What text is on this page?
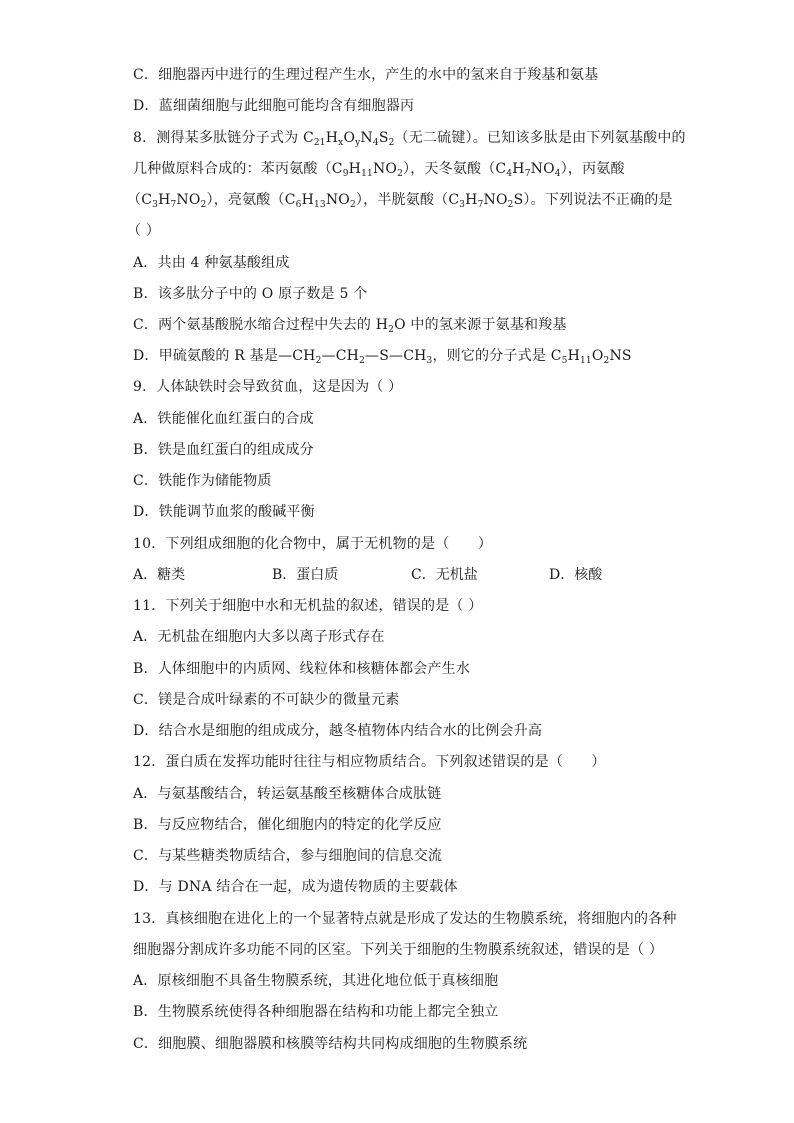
C．细胞器丙中进行的生理过程产生水，产生的水中的氢来自于羧基和氨基
D．蓝细菌细胞与此细胞可能均含有细胞器丙
8．测得某多肽链分子式为 $C_{21}H_xO_yN_4S_2$（无二硫键）。已知该多肽是由下列氨基酸中的
几种做原料合成的：苯丙氨酸$(C_9H_{11}NO_2)$，天冬氨酸$(C_4H_7NO_4)$，丙氨酸
$(C_3H_7NO_2)$，亮氨酸$(C_6H_{13}NO_2)$，半胱氨酸$(C_3H_7NO_2S)$。下列说法不正确的是
（ ）
A．共由 4 种氨基酸组成
B．该多肽分子中的 O 原子数是 5 个
C．两个氨基酸脱水缩合过程中失去的 $H_2O$ 中的氢来源于氨基和羧基
D．甲硫氨酸的 R 基是$—CH_2—CH_2—S—CH_3$，则它的分子式是 $C_5H_{11}O_2NS$
9．人体缺铁时会导致贫血，这是因为（ ）
A．铁能催化血红蛋白的合成
B．铁是血红蛋白的组成成分
C．铁能作为储能物质
D．铁能调节血浆的酸碱平衡
10．下列组成细胞的化合物中，属于无机物的是（　　）
A．糖类	B．蛋白质	C．无机盐	D．核酸
11．下列关于细胞中水和无机盐的叙述，错误的是（ ）
A．无机盐在细胞内大多以离子形式存在
B．人体细胞中的内质网、线粒体和核糖体都会产生水
C．镁是合成叶绿素的不可缺少的微量元素
D．结合水是细胞的组成成分，越冬植物体内结合水的比例会升高
12．蛋白质在发挥功能时往往与相应物质结合。下列叙述错误的是（　　）
A．与氨基酸结合，转运氨基酸至核糖体合成肽链
B．与反应物结合，催化细胞内的特定的化学反应
C．与某些糖类物质结合，参与细胞间的信息交流
D．与 DNA 结合在一起，成为遗传物质的主要载体
13．真核细胞在进化上的一个显著特点就是形成了发达的生物膜系统，将细胞内的各种
细胞器分割成许多功能不同的区室。下列关于细胞的生物膜系统叙述，错误的是（ ）
A．原核细胞不具备生物膜系统，其进化地位低于真核细胞
B．生物膜系统使得各种细胞器在结构和功能上都完全独立
C．细胞膜、细胞器膜和核膜等结构共同构成细胞的生物膜系统
